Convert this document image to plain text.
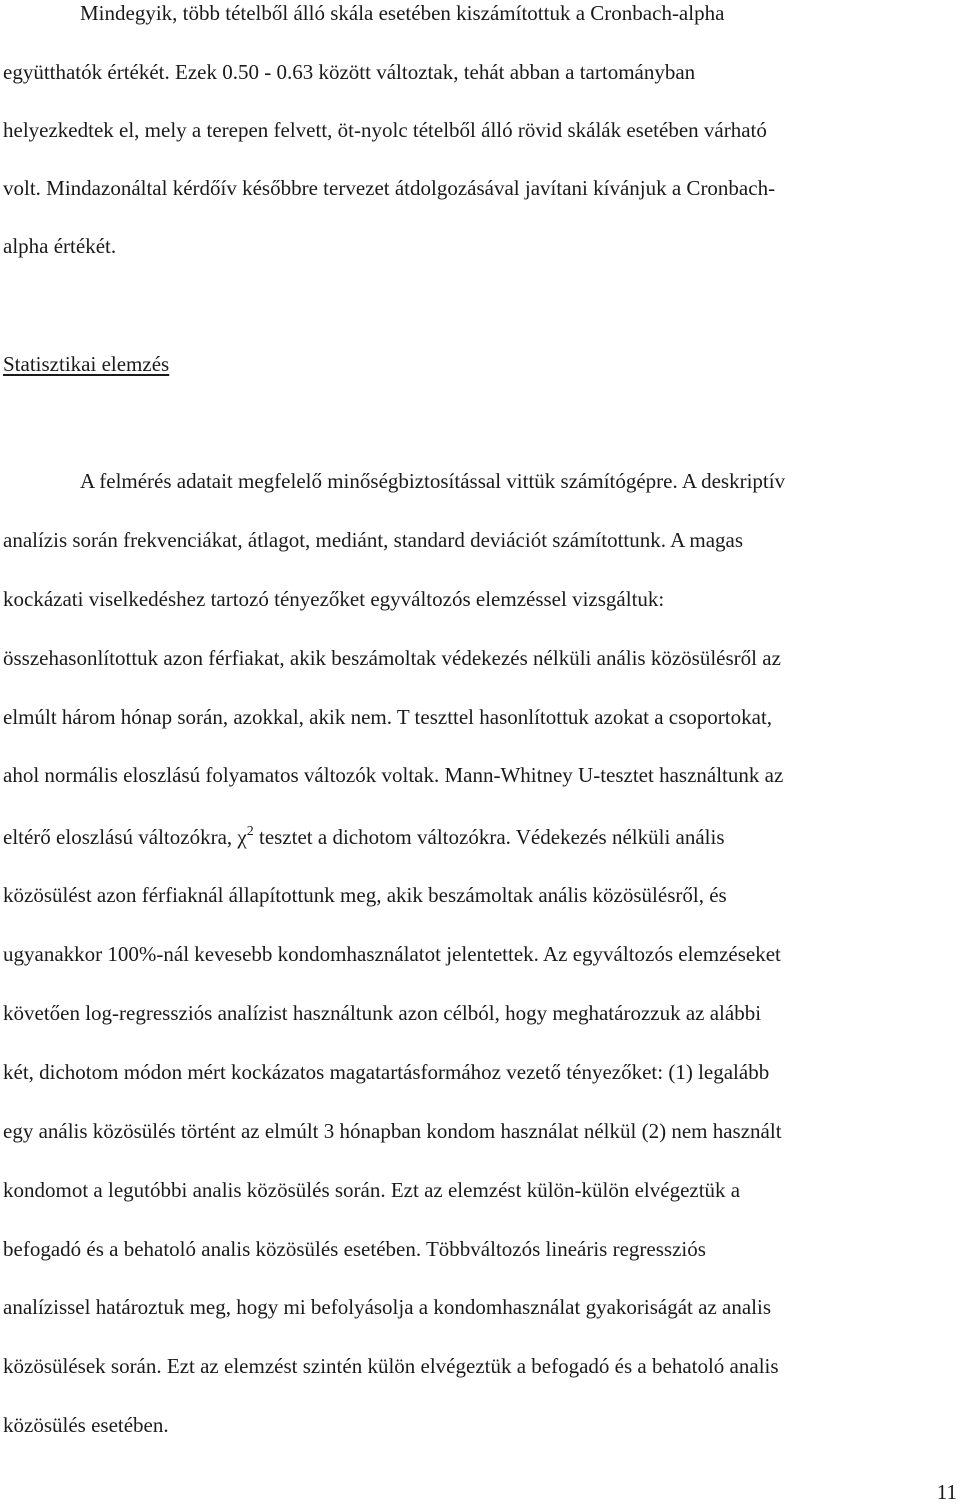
Mindegyik, több tételből álló skála esetében kiszámítottuk a Cronbach-alpha

együtthatók értékét. Ezek 0.50 - 0.63 között változtak, tehát abban a tartományban

helyezkedtek el, mely a terepen felvett, öt-nyolc tételből álló rövid skálák esetében várható

volt. Mindazonáltal kérdőív későbbre tervezet átdolgozásával javítani kívánjuk a Cronbach-

alpha értékét.

Statisztikai elemzés

A felmérés adatait megfelelő minőségbiztosítással vittük számítógépre. A deskriptív

analízis során frekvenciákat, átlagot, mediánt, standard deviációt számítottunk. A magas

kockázati viselkedéshez tartozó tényezőket egyváltozós elemzéssel vizsgáltuk:

összehasonlítottuk azon férfiakat, akik beszámoltak védekezés nélküli anális közösülésről az

elmúlt három hónap során, azokkal, akik nem. T teszttel hasonlítottuk azokat a csoportokat,

ahol normális eloszlású folyamatos változók voltak. Mann-Whitney U-tesztet használtunk az

eltérő eloszlású változókra, $\chi^2$ tesztet a dichotom változókra. Védekezés nélküli anális

közösülést azon férfiaknál állapítottunk meg, akik beszámoltak anális közösülésről, és

ugyanakkor 100%-nál kevesebb kondomhasználatot jelentettek. Az egyváltozós elemzéseket

követően log-regressziós analízist használtunk azon célból, hogy meghatározzuk az alábbi

két, dichotom módon mért kockázatos magatartásformához vezető tényezőket: (1) legalább

egy anális közösülés történt az elmúlt 3 hónapban kondom használat nélkül (2) nem használt

kondomot a legutóbbi analis közösülés során. Ezt az elemzést külön-külön elvégeztük a

befogadó és a behatoló analis közösülés esetében. Többváltozós lineáris regressziós

analízissel határoztuk meg, hogy mi befolyásolja a kondomhasználat gyakoriságát az analis

közösülések során. Ezt az elemzést szintén külön elvégeztük a befogadó és a behatoló analis

közösülés esetében.

11
